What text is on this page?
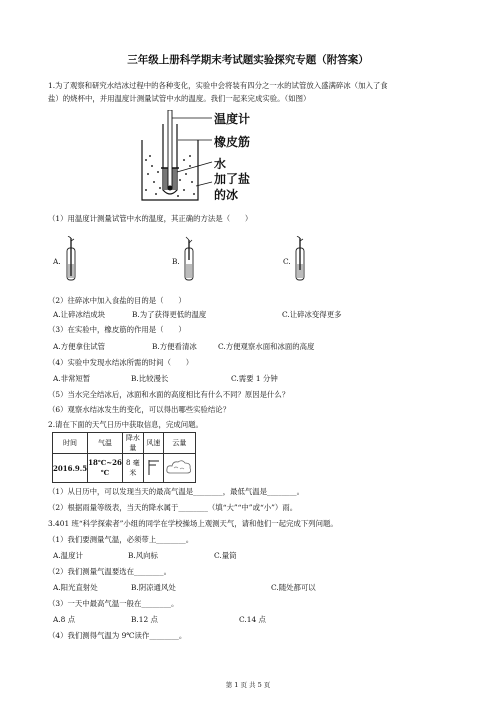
三年级上册科学期末考试题实验探究专题（附答案）
1.为了观察和研究水结冰过程中的各种变化，实验中会将装有四分之一水的试管放入盛满碎冰（加入了食
盐）的烧杯中，并用温度计测量试管中水的温度。我们一起来完成实验。（如图）
温度计
橡皮筋
水
加了盐
的冰
（1）用温度计测量试管中水的温度，其正确的方法是（　　）
A.	B.	C.
（2）往碎冰中加入食盐的目的是（　　）
A.让碎冰结成块	B.为了获得更低的温度	C.让碎冰变得更多
（3）在实验中，橡皮筋的作用是（　　）
A.方便拿住试管	B.方便看清冰	C.方便观察水面和冰面的高度
（4）实验中发现水结冰所需的时间（　　）
A.非常短暂	B.比较漫长	C.需要 1 分钟
（5）当水完全结冰后，冰面和水面的高度相比有什么不同？原因是什么？
（6）观察水结冰发生的变化，可以得出哪些实验结论？
2.请在下面的天气日历中获取信息，完成问题。
时间	气温	降水量	风速	云量
2016.9.5	18℃~26
℃	8 毫米		
（1）从日历中，可以发现当天的最高气温是________，最低气温是________。
（2）根据雨量等级表，当天的降水属于________（填“大”“中”或“小”）雨。
3.401 班“科学探索者”小组的同学在学校操场上观测天气，请和他们一起完成下列问题。
（1）我们要测量气温，必须带上________。
A.温度计	B.风向标	C.量筒
（2）我们测量气温要选在________。
A.阳光直射处	B.阴凉通风处	C.随处都可以
（3）一天中最高气温一般在________。
A.8 点	B.12 点	C.14 点
（4）我们测得气温为 9℃读作________。
第 1 页 共 5 页
